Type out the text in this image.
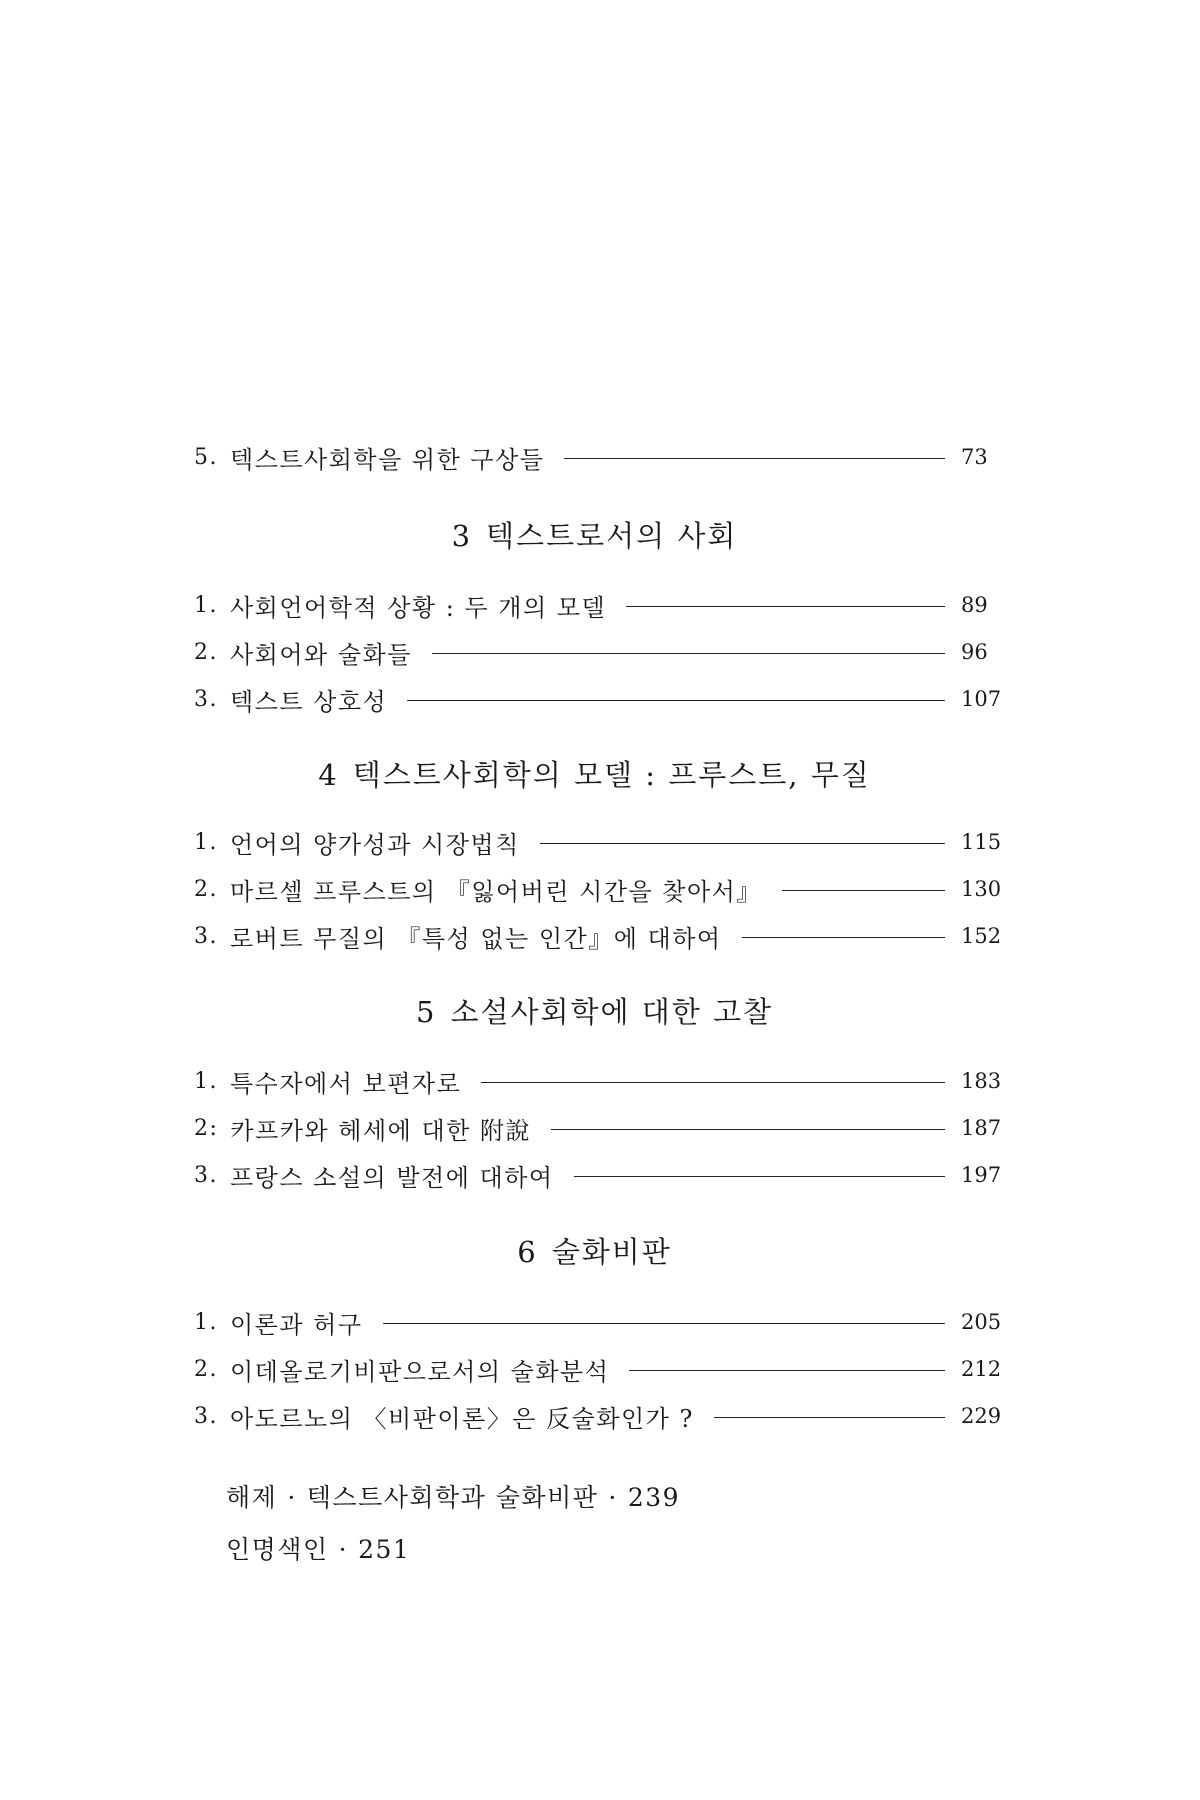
5. 텍스트사회학을 위한 구상들	73
3 텍스트로서의 사회
1. 사회언어학적 상황 : 두 개의 모델	89
2. 사회어와 술화들	96
3. 텍스트 상호성	107
4 텍스트사회학의 모델 : 프루스트, 무질
1. 언어의 양가성과 시장법칙	115
2. 마르셀 프루스트의 『잃어버린 시간을 찾아서』	130
3. 로버트 무질의 『특성 없는 인간』에 대하여	152
5 소설사회학에 대한 고찰
1. 특수자에서 보편자로	183
2: 카프카와 헤세에 대한 附說	187
3. 프랑스 소설의 발전에 대하여	197
6 술화비판
1. 이론과 허구	205
2. 이데올로기비판으로서의 술화분석	212
3. 아도르노의 〈비판이론〉은 反술화인가 ?	229
해제 · 텍스트사회학과 술화비판 · 239
인명색인 · 251
